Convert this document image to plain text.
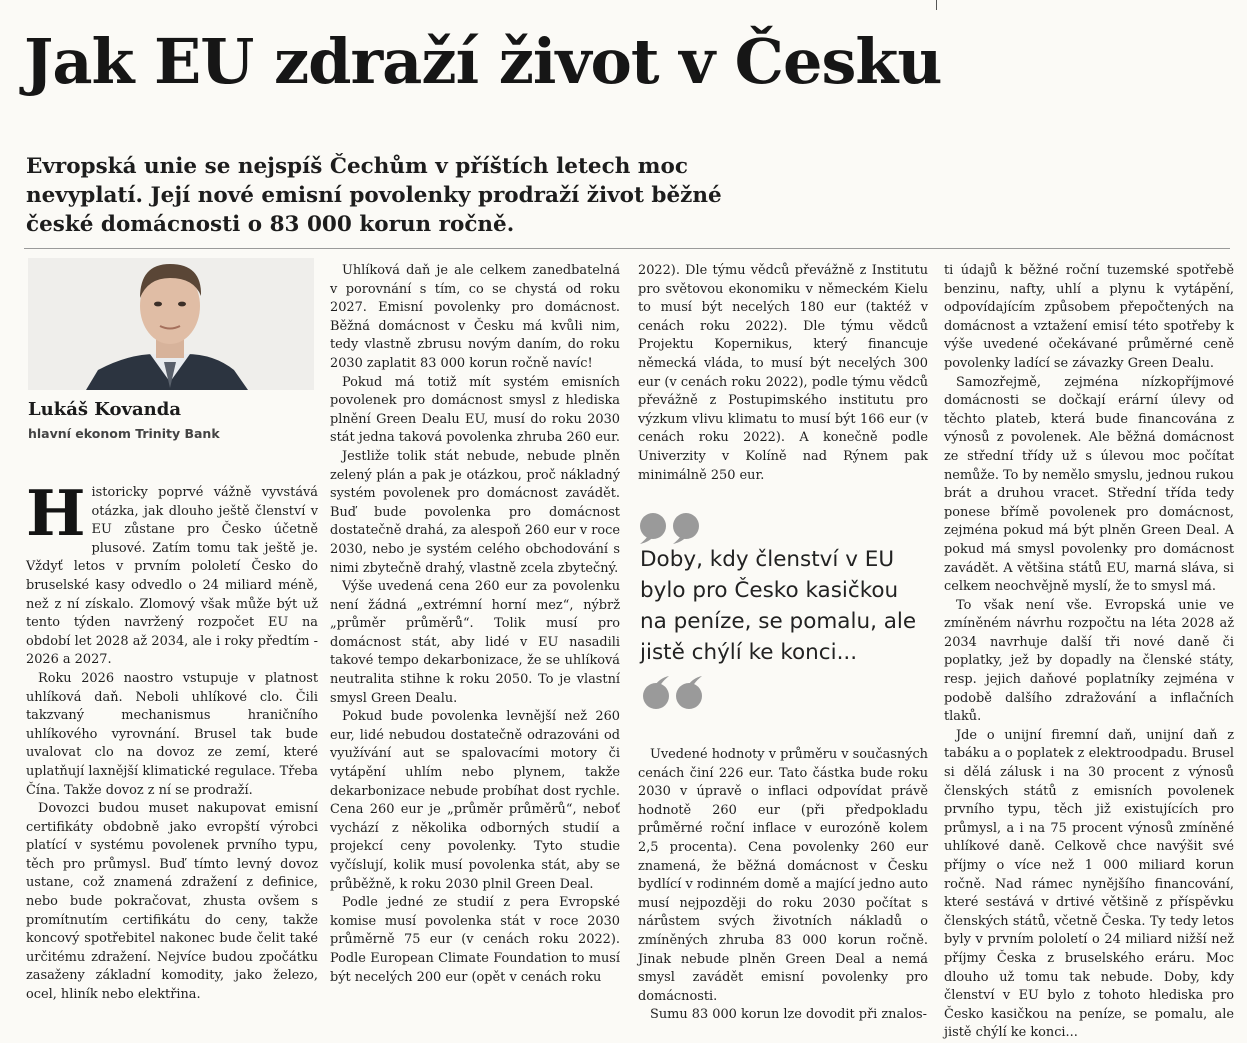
Jak EU zdraží život v Česku

Evropská unie se nejspíš Čechům v příštích letech moc nevyplatí. Její nové emisní povolenky prodraží život běžné české domácnosti o 83 000 korun ročně.

Lukáš Kovanda

hlavní ekonom Trinity Bank

Historicky poprvé vážně vyvstává otázka, jak dlouho ještě členství v EU zůstane pro Česko účetně plusové. Zatím tomu tak ještě je. Vždyť letos v prvním pololetí Česko do bruselské kasy odvedlo o 24 miliard méně, než z ní získalo. Zlomový však může být už tento týden navržený rozpočet EU na období let 2028 až 2034, ale i roky předtím - 2026 a 2027.

Roku 2026 naostro vstupuje v platnost uhlíková daň. Neboli uhlíkové clo. Čili takzvaný mechanismus hraničního uhlíkového vyrovnání. Brusel tak bude uvalovat clo na dovoz ze zemí, které uplatňují laxnější klimatické regulace. Třeba Čína. Takže dovoz z ní se prodraží.

Dovozci budou muset nakupovat emisní certifikáty obdobně jako evropští výrobci platící v systému povolenek prvního typu, těch pro průmysl. Buď tímto levný dovoz ustane, což znamená zdražení z definice, nebo bude pokračovat, zhusta ovšem s promítnutím certifikátu do ceny, takže koncový spotřebitel nakonec bude čelit také určitému zdražení. Nejvíce budou zpočátku zasaženy základní komodity, jako železo, ocel, hliník nebo elektřina.

Uhlíková daň je ale celkem zanedbatelná v porovnání s tím, co se chystá od roku 2027. Emisní povolenky pro domácnost. Běžná domácnost v Česku má kvůli nim, tedy vlastně zbrusu novým daním, do roku 2030 zaplatit 83 000 korun ročně navíc!

Pokud má totiž mít systém emisních povolenek pro domácnost smysl z hlediska plnění Green Dealu EU, musí do roku 2030 stát jedna taková povolenka zhruba 260 eur.

Jestliže tolik stát nebude, nebude plněn zelený plán a pak je otázkou, proč nákladný systém povolenek pro domácnost zavádět. Buď bude povolenka pro domácnost dostatečně drahá, za alespoň 260 eur v roce 2030, nebo je systém celého obchodování s nimi zbytečně drahý, vlastně zcela zbytečný.

Výše uvedená cena 260 eur za povolenku není žádná „extrémní horní mez“, nýbrž „průměr průměrů“. Tolik musí pro domácnost stát, aby lidé v EU nasadili takové tempo dekarbonizace, že se uhlíková neutralita stihne k roku 2050. To je vlastní smysl Green Dealu.

Pokud bude povolenka levnější než 260 eur, lidé nebudou dostatečně odrazováni od využívání aut se spalovacími motory či vytápění uhlím nebo plynem, takže dekarbonizace nebude probíhat dost rychle. Cena 260 eur je „průměr průměrů“, neboť vychází z několika odborných studií a projekcí ceny povolenky. Tyto studie vyčíslují, kolik musí povolenka stát, aby se průběžně, k roku 2030 plnil Green Deal.

Podle jedné ze studií z pera Evropské komise musí povolenka stát v roce 2030 průměrně 75 eur (v cenách roku 2022). Podle European Climate Foundation to musí být necelých 200 eur (opět v cenách roku

2022). Dle týmu vědců převážně z Institutu pro světovou ekonomiku v německém Kielu to musí být necelých 180 eur (taktéž v cenách roku 2022). Dle týmu vědců Projektu Kopernikus, který financuje německá vláda, to musí být necelých 300 eur (v cenách roku 2022), podle týmu vědců převážně z Postupimského institutu pro výzkum vlivu klimatu to musí být 166 eur (v cenách roku 2022). A konečně podle Univerzity v Kolíně nad Rýnem pak minimálně 250 eur.

Doby, kdy členství v EU bylo pro Česko kasičkou na peníze, se pomalu, ale jistě chýlí ke konci...

Uvedené hodnoty v průměru v současných cenách činí 226 eur. Tato částka bude roku 2030 v úpravě o inflaci odpovídat právě hodnotě 260 eur (při předpokladu průměrné roční inflace v eurozóně kolem 2,5 procenta). Cena povolenky 260 eur znamená, že běžná domácnost v Česku bydlící v rodinném domě a mající jedno auto musí nejpozději do roku 2030 počítat s nárůstem svých životních nákladů o zmíněných zhruba 83 000 korun ročně. Jinak nebude plněn Green Deal a nemá smysl zavádět emisní povolenky pro domácnosti.

Sumu 83 000 korun lze dovodit při znalos-

ti údajů k běžné roční tuzemské spotřebě benzinu, nafty, uhlí a plynu k vytápění, odpovídajícím způsobem přepočtených na domácnost a vztažení emisí této spotřeby k výše uvedené očekávané průměrné ceně povolenky ladící se závazky Green Dealu.

Samozřejmě, zejména nízkopříjmové domácnosti se dočkají erární úlevy od těchto plateb, která bude financována z výnosů z povolenek. Ale běžná domácnost ze střední třídy už s úlevou moc počítat nemůže. To by nemělo smyslu, jednou rukou brát a druhou vracet. Střední třída tedy ponese břímě povolenek pro domácnost, zejména pokud má být plněn Green Deal. A pokud má smysl povolenky pro domácnost zavádět. A většina států EU, marná sláva, si celkem neochvějně myslí, že to smysl má.

To však není vše. Evropská unie ve zmíněném návrhu rozpočtu na léta 2028 až 2034 navrhuje další tři nové daně či poplatky, jež by dopadly na členské státy, resp. jejich daňové poplatníky zejména v podobě dalšího zdražování a inflačních tlaků.

Jde o unijní firemní daň, unijní daň z tabáku a o poplatek z elektroodpadu. Brusel si dělá zálusk i na 30 procent z výnosů členských států z emisních povolenek prvního typu, těch již existujících pro průmysl, a i na 75 procent výnosů zmíněné uhlíkové daně. Celkově chce navýšit své příjmy o více než 1 000 miliard korun ročně. Nad rámec nynějšího financování, které sestává v drtivé většině z příspěvku členských států, včetně Česka. Ty tedy letos byly v prvním pololetí o 24 miliard nižší než příjmy Česka z bruselského eráru. Moc dlouho už tomu tak nebude. Doby, kdy členství v EU bylo z tohoto hlediska pro Česko kasičkou na peníze, se pomalu, ale jistě chýlí ke konci...
